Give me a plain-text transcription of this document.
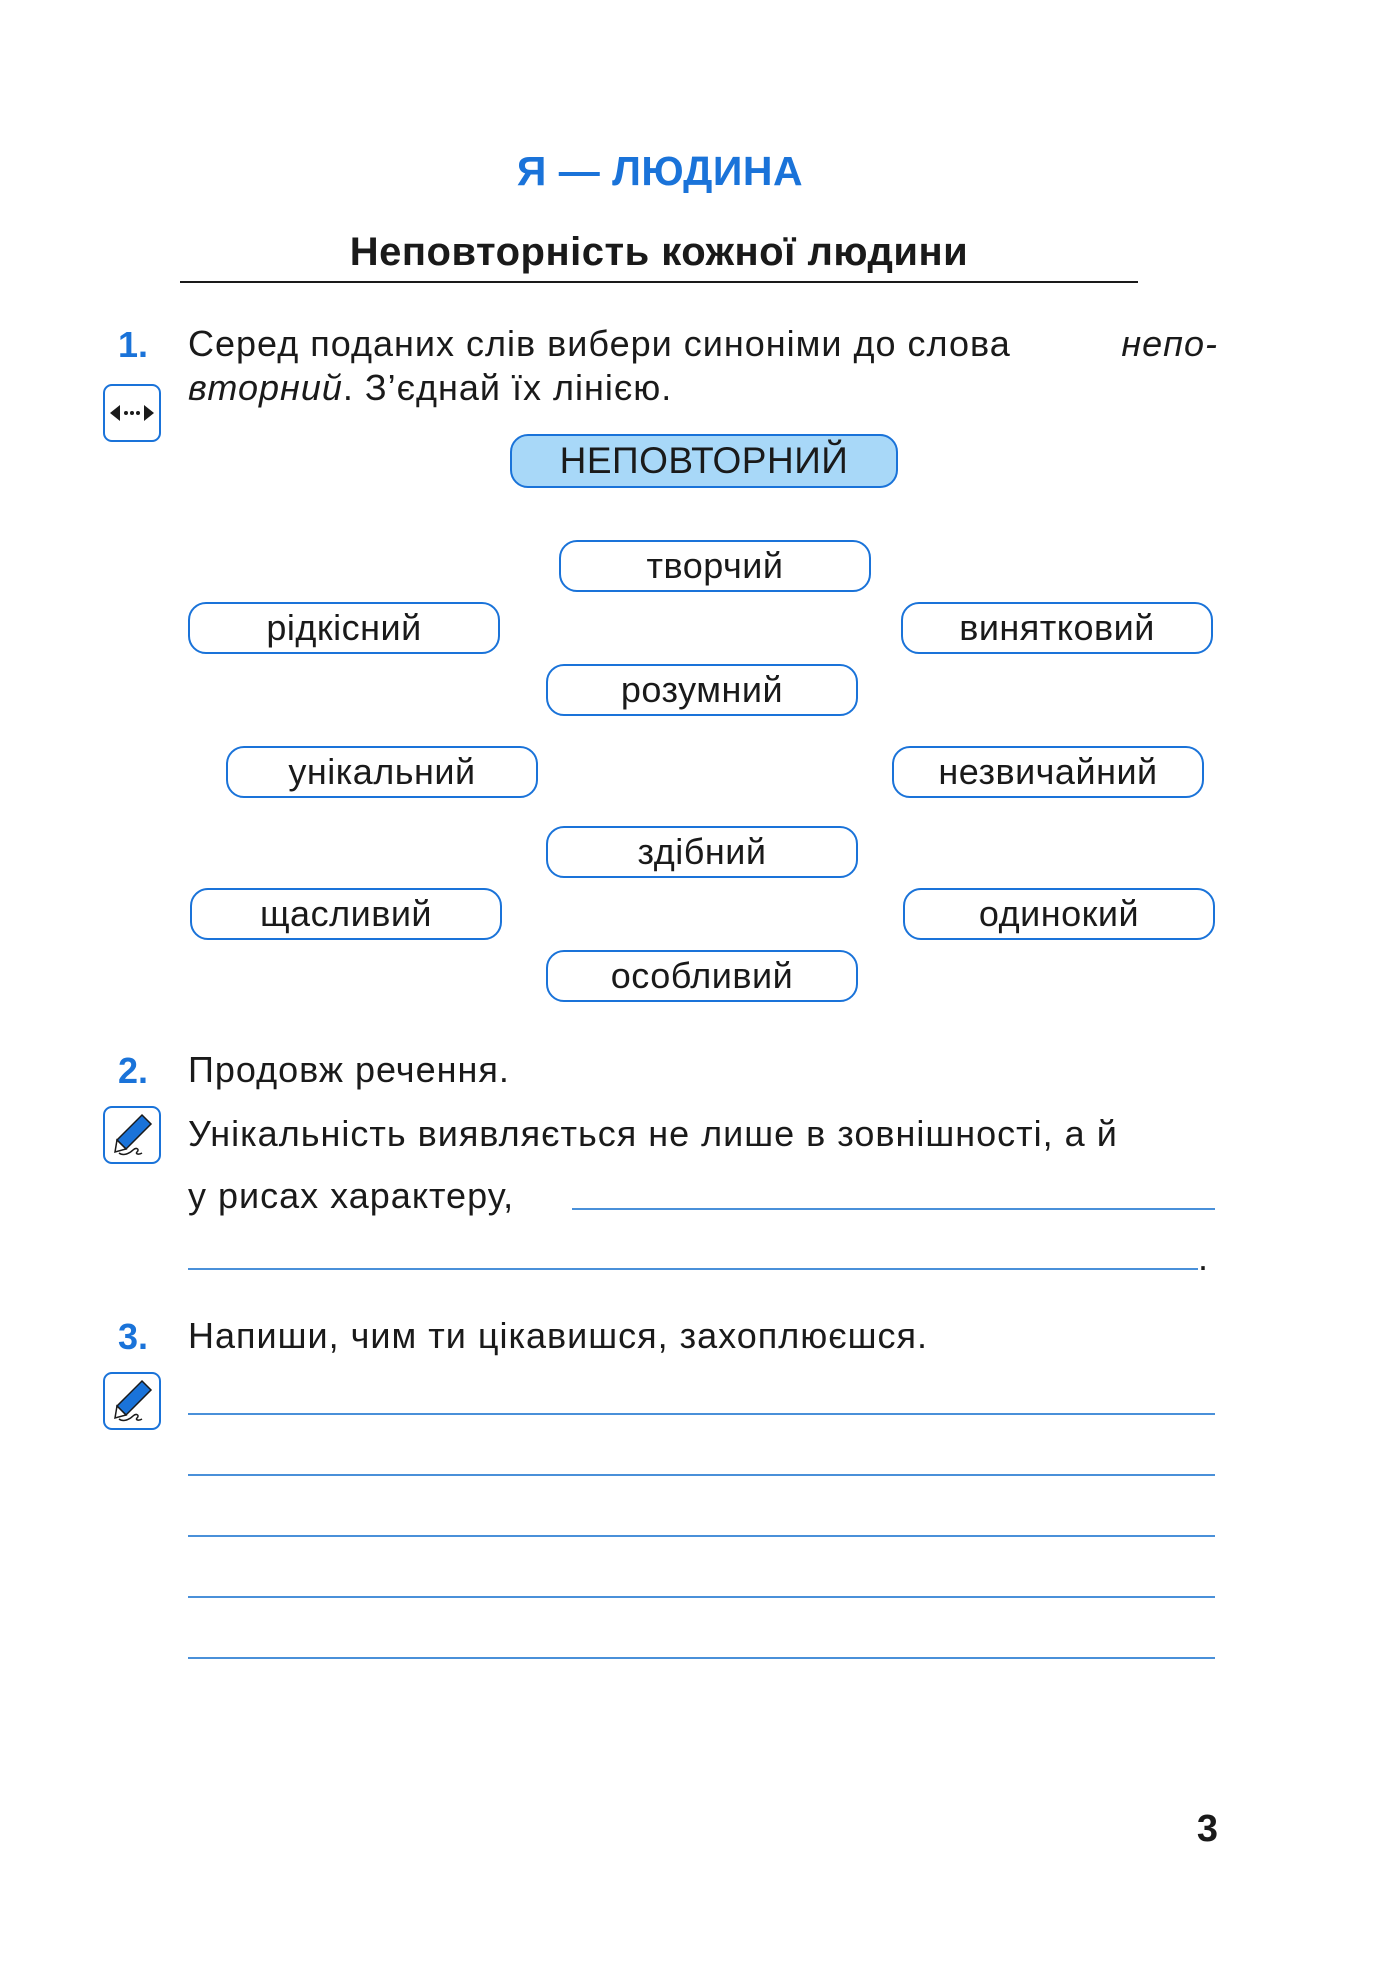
Я — ЛЮДИНА
Неповторність кожної людини
1. Серед поданих слів вибери синоніми до слова	непо-
вторний. З’єднай їх лінією.
НЕПОВТОРНИЙ
творчий
рідкісний	винятковий
розумний
унікальний	незвичайний
здібний
щасливий	одинокий
особливий
2. Продовж речення.
Унікальність виявляється не лише в зовнішності, а й
у рисах характеру,
.
3. Напиши, чим ти цікавишся, захоплюєшся.
3
